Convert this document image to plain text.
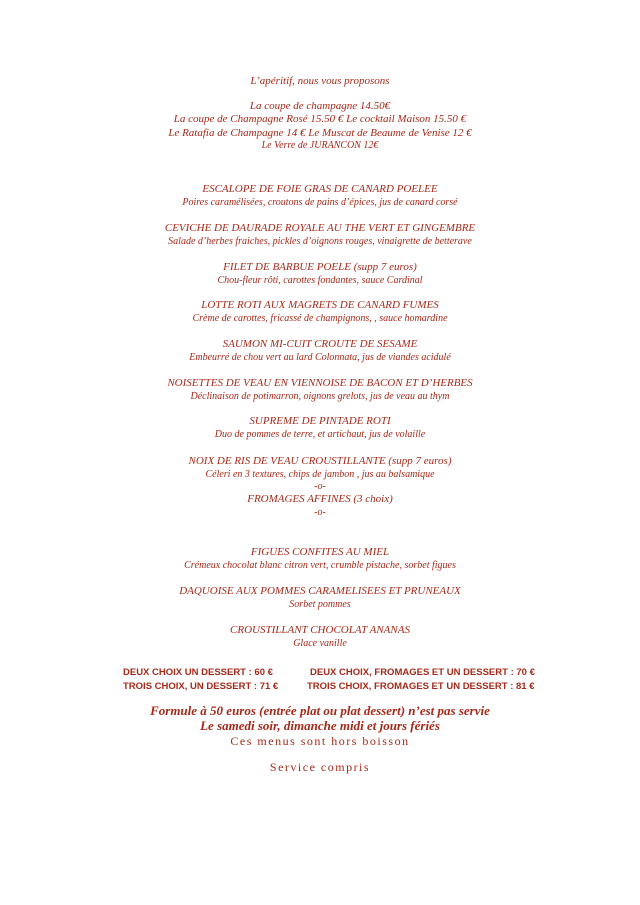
L’apéritif, nous vous proposons
La coupe de champagne 14.50€
La coupe de Champagne Rosé 15.50 € Le cocktail Maison 15.50 €
Le Ratafia de Champagne 14 € Le Muscat de Beaume de Venise 12 €
Le Verre de JURANCON 12€
ESCALOPE DE FOIE GRAS DE CANARD POELEE
Poires caramélisées, croutons de pains d’épices, jus de canard corsé
CEVICHE DE DAURADE ROYALE AU THE VERT ET GINGEMBRE
Salade d’herbes fraiches, pickles d’oignons rouges, vinaigrette de betterave
FILET DE BARBUE POELE (supp 7 euros)
Chou-fleur rôti, carottes fondantes, sauce Cardinal
LOTTE ROTI AUX MAGRETS DE CANARD FUMES
Crème de carottes, fricassé de champignons, , sauce homardine
SAUMON MI-CUIT CROUTE DE SESAME
Embeurré de chou vert au lard Colonnata, jus de viandes acidulé
NOISETTES DE VEAU EN VIENNOISE DE BACON ET D’HERBES
Déclinaison de potimarron, oignons grelots, jus de veau au thym
SUPREME DE PINTADE ROTI
Duo de pommes de terre, et artichaut, jus de volaille
NOIX DE RIS DE VEAU CROUSTILLANTE (supp 7 euros)
Céleri en 3 textures, chips de jambon , jus au balsamique
-o-
FROMAGES AFFINES (3 choix)
-o-
FIGUES CONFITES AU MIEL
Crémeux chocolat blanc citron vert, crumble pistache, sorbet figues
DAQUOISE AUX POMMES CARAMELISEES ET PRUNEAUX
Sorbet pommes
CROUSTILLANT CHOCOLAT ANANAS
Glace vanille
DEUX CHOIX UN DESSERT : 60 €	DEUX CHOIX, FROMAGES ET UN DESSERT : 70 €
TROIS CHOIX, UN DESSERT : 71 €	TROIS CHOIX, FROMAGES ET UN DESSERT : 81 €
Formule à 50 euros (entrée plat ou plat dessert) n’est pas servie
Le samedi soir, dimanche midi et jours fériés
Ces menus sont hors boisson
Service compris
